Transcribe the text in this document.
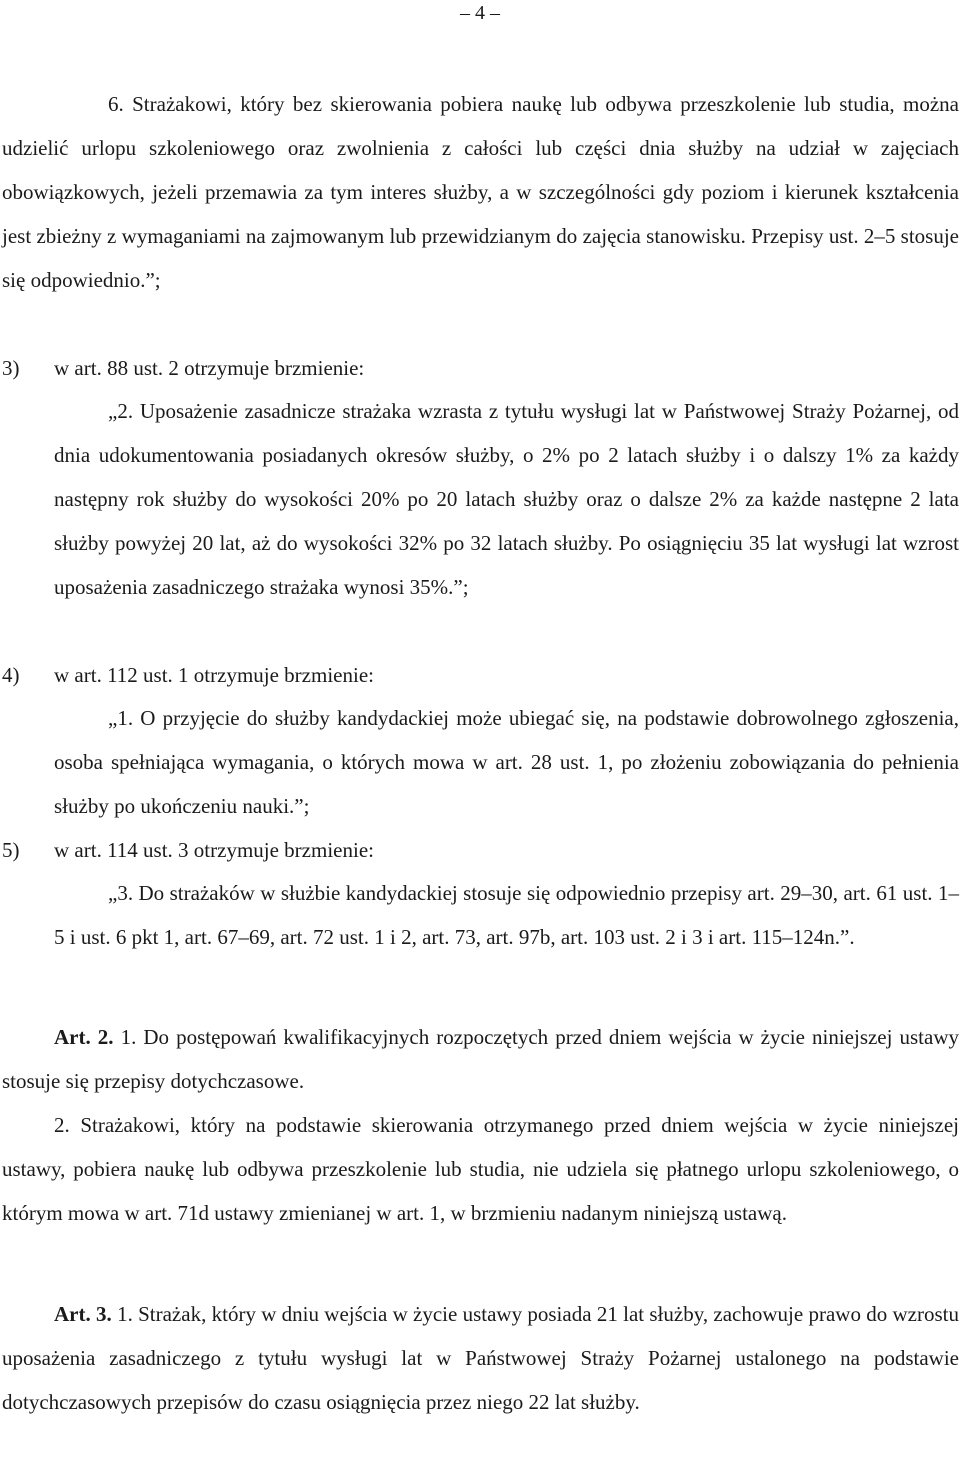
– 4 –

6. Strażakowi, który bez skierowania pobiera naukę lub odbywa przeszkolenie lub studia, można udzielić urlopu szkoleniowego oraz zwolnienia z całości lub części dnia służby na udział w zajęciach obowiązkowych, jeżeli przemawia za tym interes służby, a w szczególności gdy poziom i kierunek kształcenia jest zbieżny z wymaganiami na zajmowanym lub przewidzianym do zajęcia stanowisku. Przepisy ust. 2–5 stosuje się odpowiednio.”;

3) w art. 88 ust. 2 otrzymuje brzmienie:

„2. Uposażenie zasadnicze strażaka wzrasta z tytułu wysługi lat w Państwowej Straży Pożarnej, od dnia udokumentowania posiadanych okresów służby, o 2% po 2 latach służby i o dalszy 1% za każdy następny rok służby do wysokości 20% po 20 latach służby oraz o dalsze 2% za każde następne 2 lata służby powyżej 20 lat, aż do wysokości 32% po 32 latach służby. Po osiągnięciu 35 lat wysługi lat wzrost uposażenia zasadniczego strażaka wynosi 35%.”;

4) w art. 112 ust. 1 otrzymuje brzmienie:

„1. O przyjęcie do służby kandydackiej może ubiegać się, na podstawie dobrowolnego zgłoszenia, osoba spełniająca wymagania, o których mowa w art. 28 ust. 1, po złożeniu zobowiązania do pełnienia służby po ukończeniu nauki.”;

5) w art. 114 ust. 3 otrzymuje brzmienie:

„3. Do strażaków w służbie kandydackiej stosuje się odpowiednio przepisy art. 29–30, art. 61 ust. 1–5 i ust. 6 pkt 1, art. 67–69, art. 72 ust. 1 i 2, art. 73, art. 97b, art. 103 ust. 2 i 3 i art. 115–124n.”.

Art. 2. 1. Do postępowań kwalifikacyjnych rozpoczętych przed dniem wejścia w życie niniejszej ustawy stosuje się przepisy dotychczasowe.

2. Strażakowi, który na podstawie skierowania otrzymanego przed dniem wejścia w życie niniejszej ustawy, pobiera naukę lub odbywa przeszkolenie lub studia, nie udziela się płatnego urlopu szkoleniowego, o którym mowa w art. 71d ustawy zmienianej w art. 1, w brzmieniu nadanym niniejszą ustawą.

Art. 3. 1. Strażak, który w dniu wejścia w życie ustawy posiada 21 lat służby, zachowuje prawo do wzrostu uposażenia zasadniczego z tytułu wysługi lat w Państwowej Straży Pożarnej ustalonego na podstawie dotychczasowych przepisów do czasu osiągnięcia przez niego 22 lat służby.
